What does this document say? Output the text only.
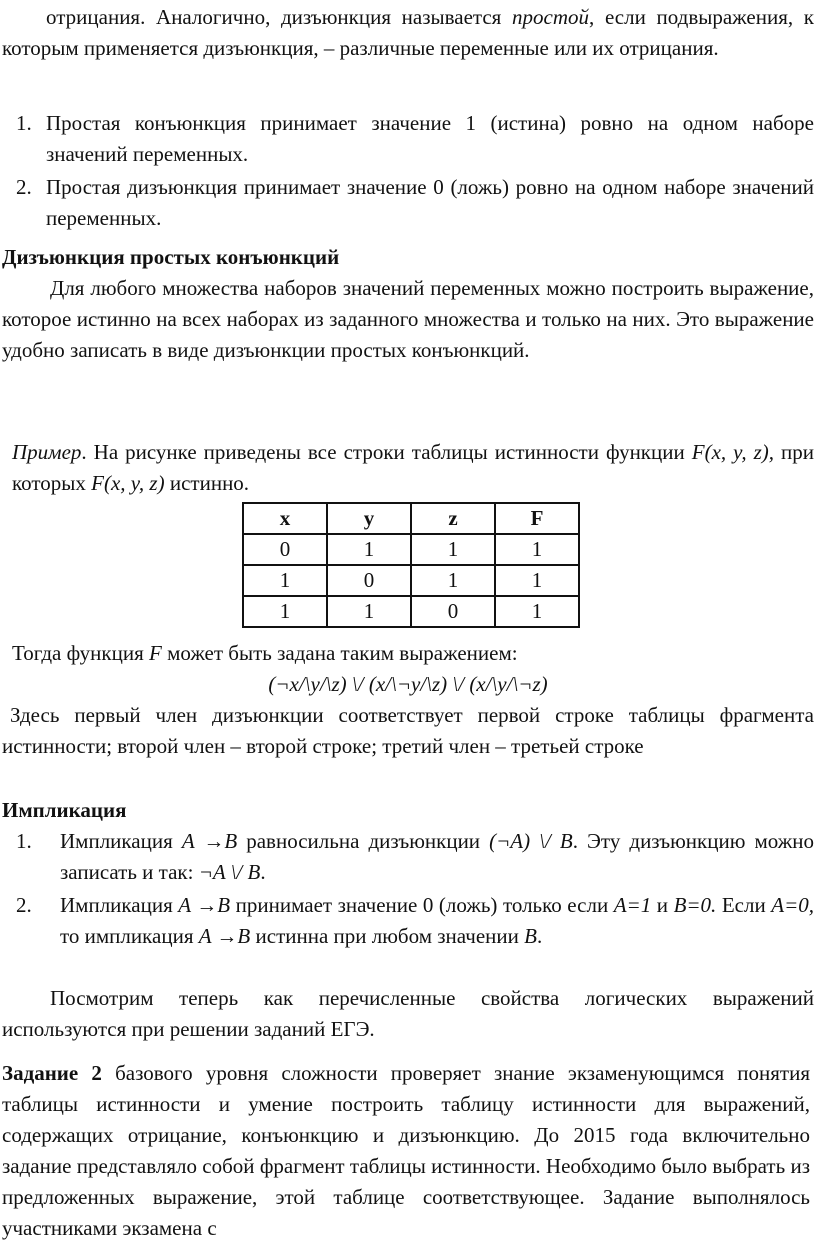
отрицания. Аналогично, дизъюнкция называется простой, если подвыражения, к которым применяется дизъюнкция, – различные переменные или их отрицания.

1. Простая конъюнкция принимает значение 1 (истина) ровно на одном наборе значений переменных.
2. Простая дизъюнкция принимает значение 0 (ложь) ровно на одном наборе значений переменных.
Дизъюнкция простых конъюнкций

Для любого множества наборов значений переменных можно построить выражение, которое истинно на всех наборах из заданного множества и только на них. Это выражение удобно записать в виде дизъюнкции простых конъюнкций.

Пример. На рисунке приведены все строки таблицы истинности функции F(x, y, z), при которых F(x, y, z) истинно.

x	y	z	F
0	1	1	1
1	0	1	1
1	1	0	1

Тогда функция F может быть задана таким выражением:

(¬x/\y/\z) \/ (x/\¬y/\z) \/ (x/\y/\¬z)

Здесь первый член дизъюнкции соответствует первой строке таблицы фрагмента истинности; второй член – второй строке; третий член – третьей строке

Импликация
1. Импликация A →B равносильна дизъюнкции (¬A) \/ B. Эту дизъюнкцию можно записать и так: ¬A \/ B.
2. Импликация A →B принимает значение 0 (ложь) только если A=1 и B=0. Если A=0, то импликация A →B истинна при любом значении B.

Посмотрим теперь как перечисленные свойства логических выражений используются при решении заданий ЕГЭ.

Задание 2 базового уровня сложности проверяет знание экзаменующимся понятия таблицы истинности и умение построить таблицу истинности для выражений, содержащих отрицание, конъюнкцию и дизъюнкцию. До 2015 года включительно задание представляло собой фрагмент таблицы истинности. Необходимо было выбрать из предложенных выражение, этой таблице соответствующее. Задание выполнялось участниками экзамена с
